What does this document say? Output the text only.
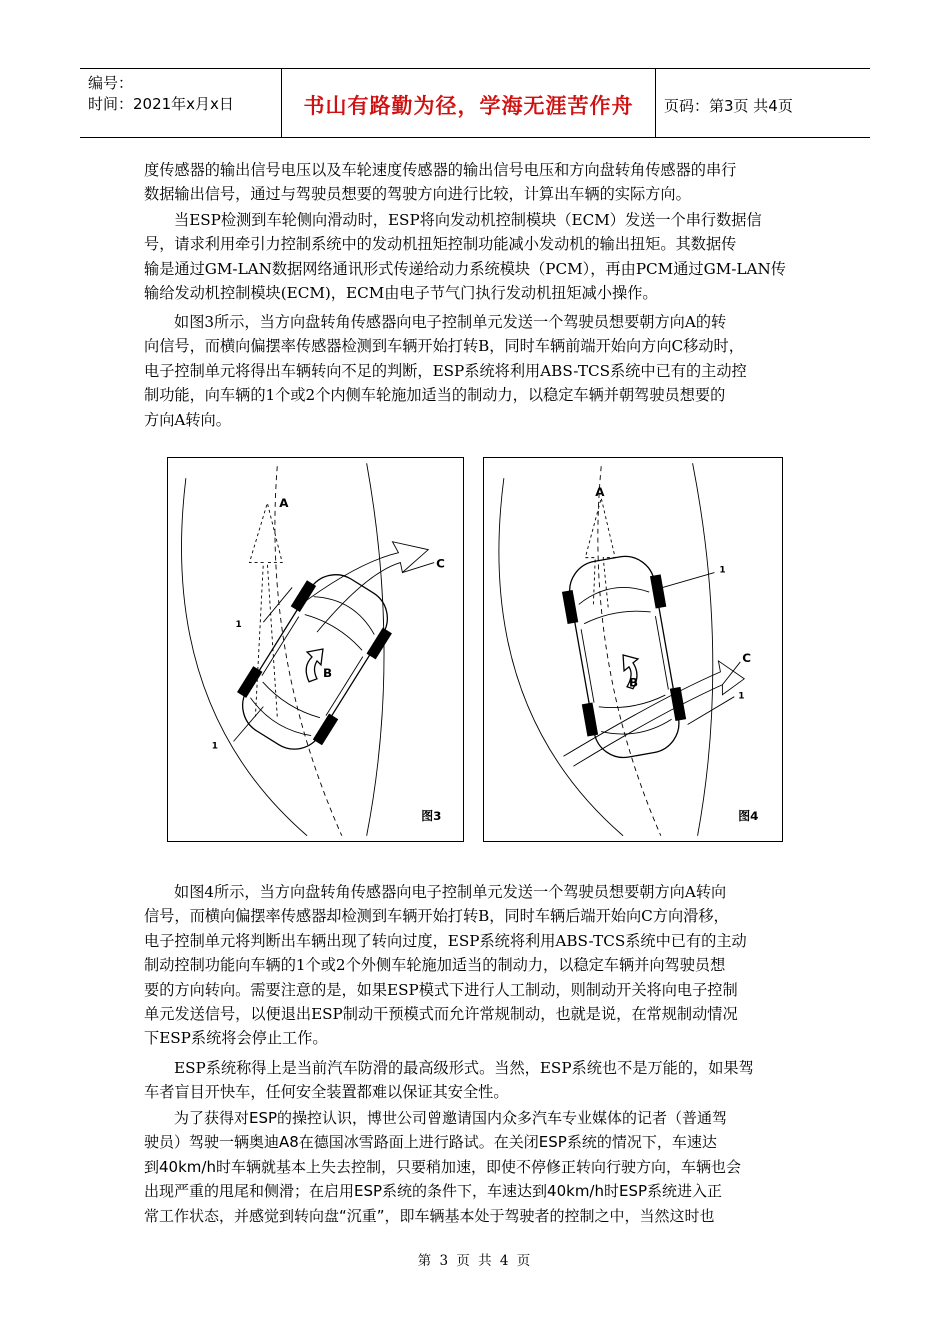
编号：
时间：2021年x月x日	书山有路勤为径，学海无涯苦作舟	页码：第3页 共4页
度传感器的输出信号电压以及车轮速度传感器的输出信号电压和方向盘转角传感器的串行
数据输出信号，通过与驾驶员想要的驾驶方向进行比较，计算出车辆的实际方向。
当ESP检测到车轮侧向滑动时，ESP将向发动机控制模块（ECM）发送一个串行数据信
号，请求利用牵引力控制系统中的发动机扭矩控制功能减小发动机的输出扭矩。其数据传
输是通过GM-LAN数据网络通讯形式传递给动力系统模块（PCM），再由PCM通过GM-LAN传
输给发动机控制模块(ECM)，ECM由电子节气门执行发动机扭矩减小操作。
如图3所示，当方向盘转角传感器向电子控制单元发送一个驾驶员想要朝方向A的转
向信号，而横向偏摆率传感器检测到车辆开始打转B，同时车辆前端开始向方向C移动时，
电子控制单元将得出车辆转向不足的判断，ESP系统将利用ABS-TCS系统中已有的主动控
制功能，向车辆的1个或2个内侧车轮施加适当的制动力，以稳定车辆并朝驾驶员想要的
方向A转向。
A
B
C
1
1
图3
A
B
C
1
1
图4
如图4所示，当方向盘转角传感器向电子控制单元发送一个驾驶员想要朝方向A转向
信号，而横向偏摆率传感器却检测到车辆开始打转B，同时车辆后端开始向C方向滑移，
电子控制单元将判断出车辆出现了转向过度，ESP系统将利用ABS-TCS系统中已有的主动
制动控制功能向车辆的1个或2个外侧车轮施加适当的制动力，以稳定车辆并向驾驶员想
要的方向转向。需要注意的是，如果ESP模式下进行人工制动，则制动开关将向电子控制
单元发送信号，以便退出ESP制动干预模式而允许常规制动，也就是说，在常规制动情况
下ESP系统将会停止工作。
ESP系统称得上是当前汽车防滑的最高级形式。当然，ESP系统也不是万能的，如果驾
车者盲目开快车，任何安全装置都难以保证其安全性。
为了获得对ESP的操控认识，博世公司曾邀请国内众多汽车专业媒体的记者（普通驾
驶员）驾驶一辆奥迪A8在德国冰雪路面上进行路试。在关闭ESP系统的情况下，车速达
到40km/h时车辆就基本上失去控制，只要稍加速，即使不停修正转向行驶方向，车辆也会
出现严重的甩尾和侧滑；在启用ESP系统的条件下，车速达到40km/h时ESP系统进入正
常工作状态，并感觉到转向盘“沉重”，即车辆基本处于驾驶者的控制之中，当然这时也
第 3 页 共 4 页
